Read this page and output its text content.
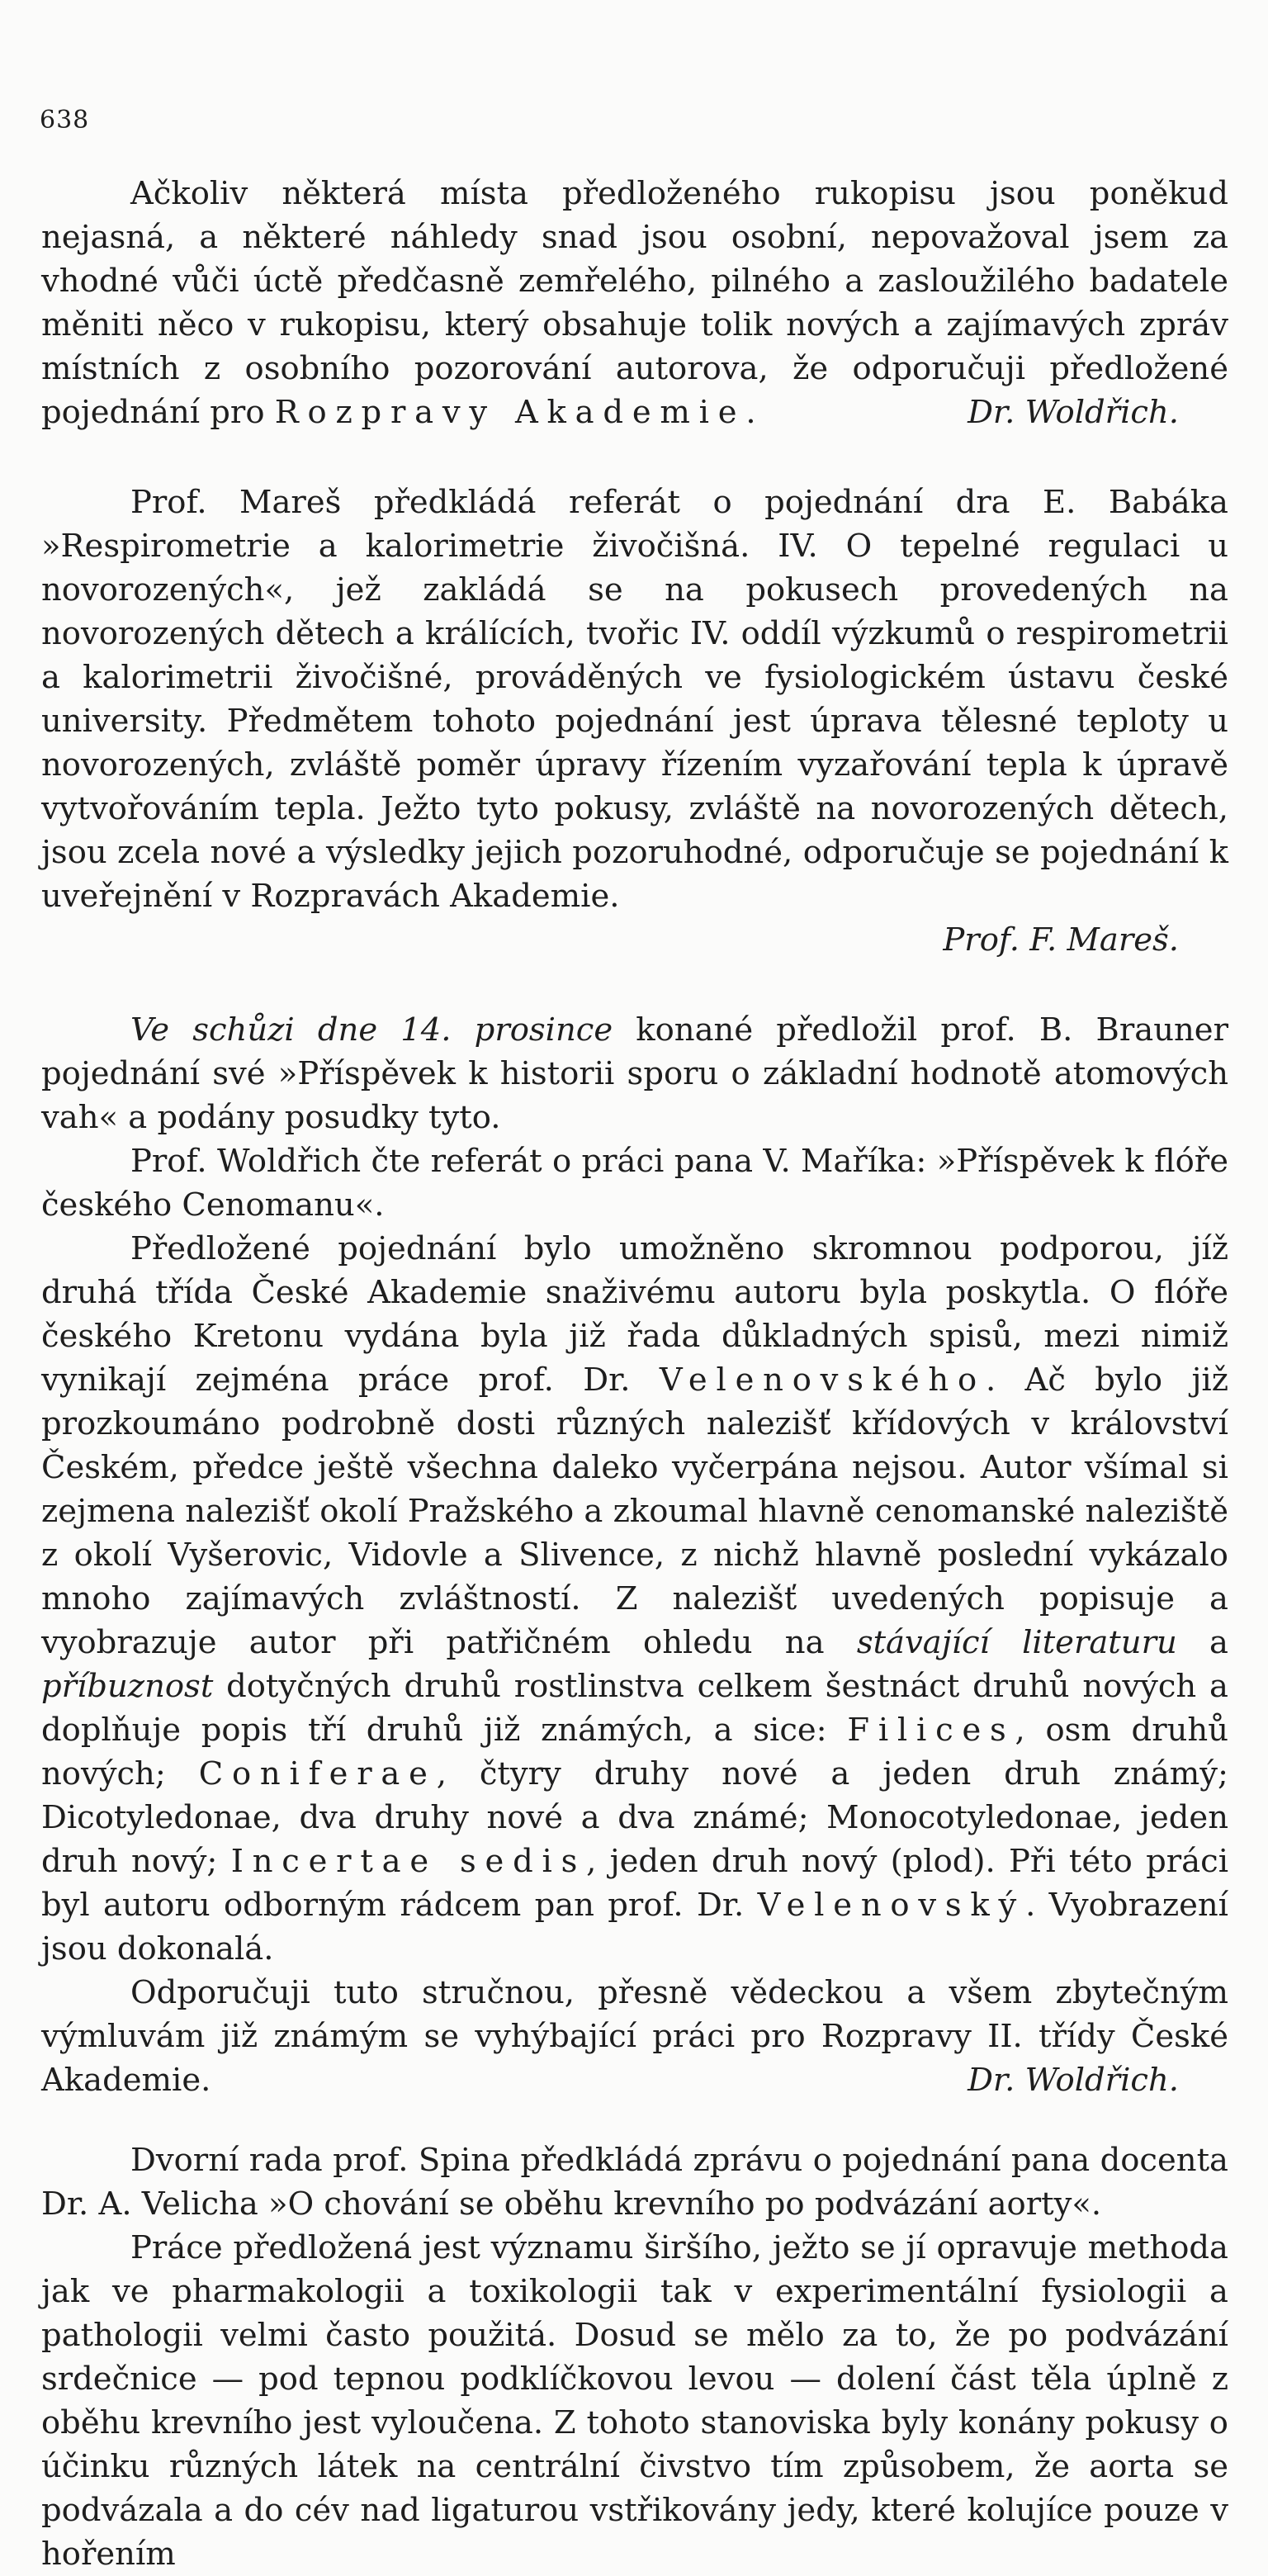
638

Ačkoliv některá místa předloženého rukopisu jsou poněkud nejasná, a některé náhledy snad jsou osobní, nepovažoval jsem za vhodné vůči úctě předčasně zemřelého, pilného a zasloužilého badatele měniti něco v rukopisu, který obsahuje tolik nových a zajímavých zpráv místních z osobního pozorování autorova, že odporučuji předložené pojednání pro Rozpravy Akademie.	Dr. Woldřich.

Prof. Mareš předkládá referát o pojednání dra E. Babáka »Respirometrie a kalorimetrie živočišná. IV. O tepelné regulaci u novorozených«, jež zakládá se na pokusech provedených na novorozených dětech a králících, tvořic IV. oddíl výzkumů o respirometrii a kalorimetrii živočišné, prováděných ve fysiologickém ústavu české university. Předmětem tohoto pojednání jest úprava tělesné teploty u novorozených, zvláště poměr úpravy řízením vyzařování tepla k úpravě vytvořováním tepla. Ježto tyto pokusy, zvláště na novorozených dětech, jsou zcela nové a výsledky jejich pozoruhodné, odporučuje se pojednání k uveřejnění v Rozpravách Akademie.

Prof. F. Mareš.

Ve schůzi dne 14. prosince konané předložil prof. B. Brauner pojednání své »Příspěvek k historii sporu o základní hodnotě atomových vah« a podány posudky tyto.

Prof. Woldřich čte referát o práci pana V. Maříka: »Příspěvek k flóře českého Cenomanu«.

Předložené pojednání bylo umožněno skromnou podporou, jíž druhá třída České Akademie snaživému autoru byla poskytla. O flóře českého Kretonu vydána byla již řada důkladných spisů, mezi nimiž vynikají zejména práce prof. Dr. Velenovského. Ač bylo již prozkoumáno podrobně dosti různých nalezišť křídových v království Českém, předce ještě všechna daleko vyčerpána nejsou. Autor všímal si zejmena nalezišť okolí Pražského a zkoumal hlavně cenomanské naleziště z okolí Vyšerovic, Vidovle a Slivence, z nichž hlavně poslední vykázalo mnoho zajímavých zvláštností. Z nalezišť uvedených popisuje a vyobrazuje autor při patřičném ohledu na stávající literaturu a příbuznost dotyčných druhů rostlinstva celkem šestnáct druhů nových a doplňuje popis tří druhů již známých, a sice: Filices, osm druhů nových; Coniferae, čtyry druhy nové a jeden druh známý; Dicotyledonae, dva druhy nové a dva známé; Monocotyledonae, jeden druh nový; Incertae sedis, jeden druh nový (plod). Při této práci byl autoru odborným rádcem pan prof. Dr. Velenovský. Vyobrazení jsou dokonalá.

Odporučuji tuto stručnou, přesně vědeckou a všem zbytečným výmluvám již známým se vyhýbající práci pro Rozpravy II. třídy České Akademie.	Dr. Woldřich.

Dvorní rada prof. Spina předkládá zprávu o pojednání pana docenta Dr. A. Velicha »O chování se oběhu krevního po podvázání aorty«.

Práce předložená jest významu širšího, ježto se jí opravuje methoda jak ve pharmakologii a toxikologii tak v experimentální fysiologii a pathologii velmi často použitá. Dosud se mělo za to, že po podvázání srdečnice — pod tepnou podklíčkovou levou — dolení část těla úplně z oběhu krevního jest vyloučena. Z tohoto stanoviska byly konány pokusy o účinku různých látek na centrální čivstvo tím způsobem, že aorta se podvázala a do cév nad ligaturou vstřikovány jedy, které kolujíce pouze v hořením
